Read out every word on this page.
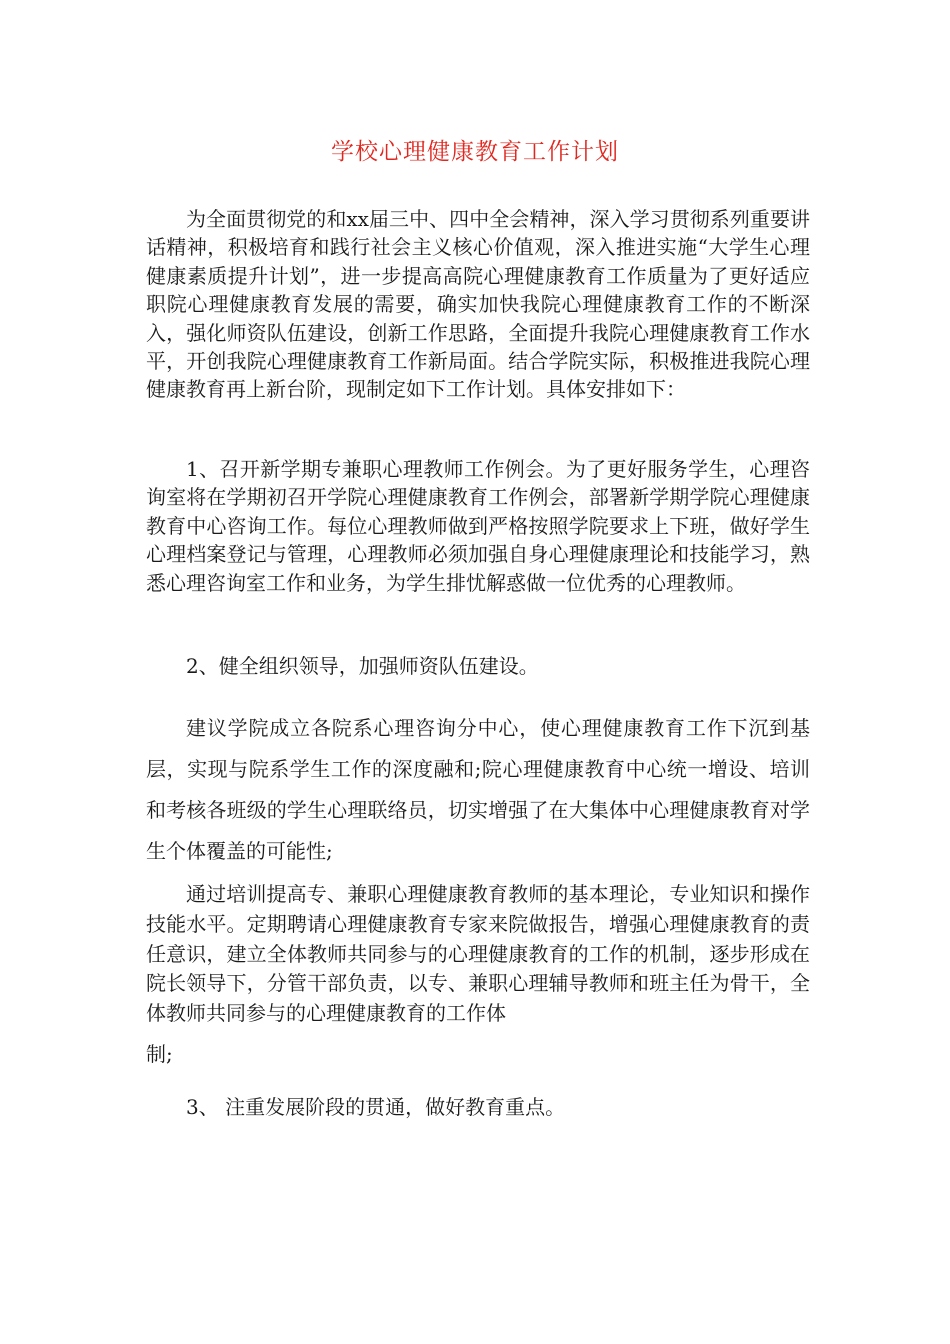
学校心理健康教育工作计划

为全面贯彻党的和xx届三中、四中全会精神，深入学习贯彻系列重要讲话精神，积极培育和践行社会主义核心价值观，深入推进实施“大学生心理健康素质提升计划”，进一步提高高院心理健康教育工作质量为了更好适应职院心理健康教育发展的需要，确实加快我院心理健康教育工作的不断深入，强化师资队伍建设，创新工作思路，全面提升我院心理健康教育工作水平，开创我院心理健康教育工作新局面。结合学院实际，积极推进我院心理健康教育再上新台阶，现制定如下工作计划。具体安排如下：

1、召开新学期专兼职心理教师工作例会。为了更好服务学生，心理咨询室将在学期初召开学院心理健康教育工作例会，部署新学期学院心理健康教育中心咨询工作。每位心理教师做到严格按照学院要求上下班，做好学生心理档案登记与管理，心理教师必须加强自身心理健康理论和技能学习，熟悉心理咨询室工作和业务，为学生排忧解惑做一位优秀的心理教师。

2、健全组织领导，加强师资队伍建设。

建议学院成立各院系心理咨询分中心，使心理健康教育工作下沉到基层，实现与院系学生工作的深度融和;院心理健康教育中心统一增设、培训和考核各班级的学生心理联络员，切实增强了在大集体中心理健康教育对学生个体覆盖的可能性;

通过培训提高专、兼职心理健康教育教师的基本理论，专业知识和操作技能水平。定期聘请心理健康教育专家来院做报告，增强心理健康教育的责任意识，建立全体教师共同参与的心理健康教育的工作的机制，逐步形成在院长领导下，分管干部负责，以专、兼职心理辅导教师和班主任为骨干，全体教师共同参与的心理健康教育的工作体
制;

3、 注重发展阶段的贯通，做好教育重点。
